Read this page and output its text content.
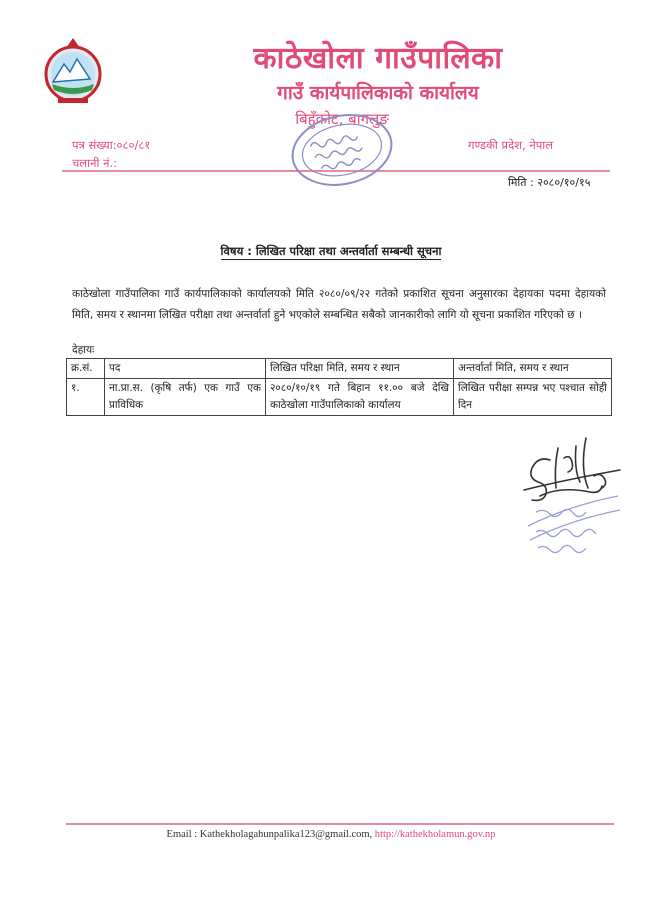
काठेखोला गाउँपालिका
गाउँ कार्यपालिकाको कार्यालय
बिहुँकोट, बागलुङ
पत्र संख्या:०८०/८१
चलानी नं.:
गण्डकी प्रदेश, नेपाल
मिति : २०८०/१०/१५
विषय : लिखित परिक्षा तथा अन्तर्वार्ता सम्बन्धी सूचना
काठेखोला गाउँपालिका गाउँ कार्यपालिकाको कार्यालयको मिति २०८०/०९/२२ गतेको प्रकाशित सूचना अनुसारका देहायका पदमा देहायको मिति, समय र स्थानमा लिखित परीक्षा तथा अन्तर्वार्ता हुने भएकोले सम्बन्धित सबैको जानकारीको लागि यो सूचना प्रकाशित गरिएको छ ।
देहायः
क्र.सं.	पद	लिखित परिक्षा मिति, समय र स्थान	अन्तर्वार्ता मिति, समय र स्थान
१.	ना.प्रा.स. (कृषि तर्फ) एक गाउँ एक प्राविधिक	२०८०/१०/१९ गते बिहान ११.०० बजे देखि काठेखोला गाउँपालिकाको कार्यालय	लिखित परीक्षा सम्पन्न भए पश्चात सोही दिन
Email : Kathekholagahunpalika123@gmail.com, http://kathekholamun.gov.np
